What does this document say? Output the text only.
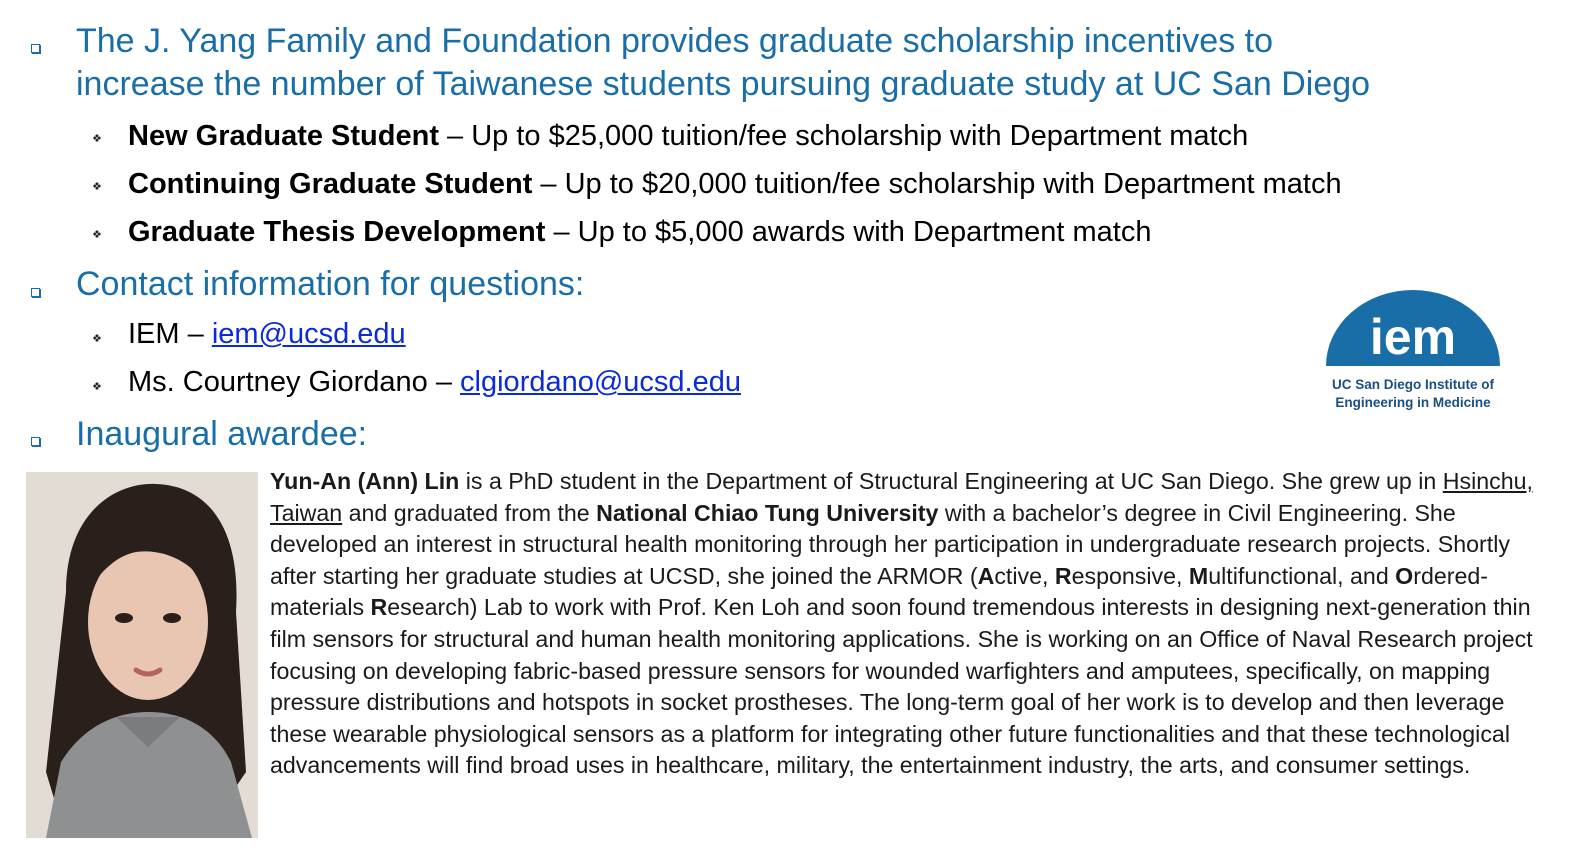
The J. Yang Family and Foundation provides graduate scholarship incentives to
increase the number of Taiwanese students pursuing graduate study at UC San Diego
❖ New Graduate Student – Up to $25,000 tuition/fee scholarship with Department match
❖ Continuing Graduate Student – Up to $20,000 tuition/fee scholarship with Department match
❖ Graduate Thesis Development – Up to $5,000 awards with Department match
Contact information for questions:
❖ IEM – iem@ucsd.edu
❖ Ms. Courtney Giordano – clgiordano@ucsd.edu
iem
UC San Diego Institute of
Engineering in Medicine
Inaugural awardee:
Yun-An (Ann) Lin is a PhD student in the Department of Structural Engineering at UC San Diego. She grew up in Hsinchu, Taiwan and graduated from the National Chiao Tung University with a bachelor’s degree in Civil Engineering. She developed an interest in structural health monitoring through her participation in undergraduate research projects. Shortly after starting her graduate studies at UCSD, she joined the ARMOR (Active, Responsive, Multifunctional, and Ordered-materials Research) Lab to work with Prof. Ken Loh and soon found tremendous interests in designing next-generation thin film sensors for structural and human health monitoring applications. She is working on an Office of Naval Research project focusing on developing fabric-based pressure sensors for wounded warfighters and amputees, specifically, on mapping pressure distributions and hotspots in socket prostheses. The long-term goal of her work is to develop and then leverage these wearable physiological sensors as a platform for integrating other future functionalities and that these technological advancements will find broad uses in healthcare, military, the entertainment industry, the arts, and consumer settings.
